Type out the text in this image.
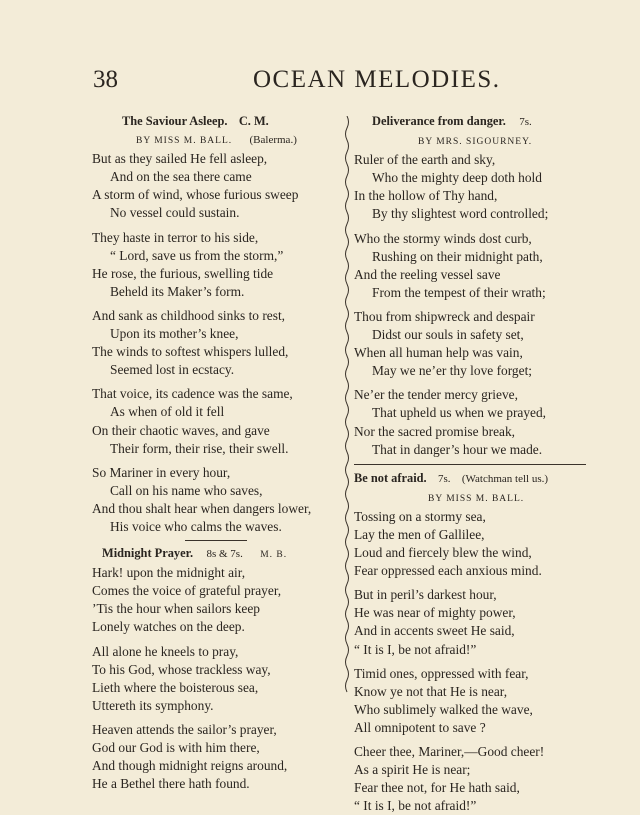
38	OCEAN MELODIES.
The Saviour Asleep. C. M.
BY MISS M. BALL. (Balerma.)
But as they sailed He fell asleep,
And on the sea there came
A storm of wind, whose furious sweep
No vessel could sustain.
They haste in terror to his side,
“ Lord, save us from the storm,”
He rose, the furious, swelling tide
Beheld its Maker’s form.
And sank as childhood sinks to rest,
Upon its mother’s knee,
The winds to softest whispers lulled,
Seemed lost in ecstacy.
That voice, its cadence was the same,
As when of old it fell
On their chaotic waves, and gave
Their form, their rise, their swell.
So Mariner in every hour,
Call on his name who saves,
And thou shalt hear when dangers lower,
His voice who calms the waves.
Midnight Prayer. 8s & 7s. M. B.
Hark! upon the midnight air,
Comes the voice of grateful prayer,
’Tis the hour when sailors keep
Lonely watches on the deep.
All alone he kneels to pray,
To his God, whose trackless way,
Lieth where the boisterous sea,
Uttereth its symphony.
Heaven attends the sailor’s prayer,
God our God is with him there,
And though midnight reigns around,
He a Bethel there hath found.
Deliverance from danger. 7s.
BY MRS. SIGOURNEY.
Ruler of the earth and sky,
Who the mighty deep doth hold
In the hollow of Thy hand,
By thy slightest word controlled;
Who the stormy winds dost curb,
Rushing on their midnight path,
And the reeling vessel save
From the tempest of their wrath;
Thou from shipwreck and despair
Didst our souls in safety set,
When all human help was vain,
May we ne’er thy love forget;
Ne’er the tender mercy grieve,
That upheld us when we prayed,
Nor the sacred promise break,
That in danger’s hour we made.
Be not afraid. 7s. (Watchman tell us.)
BY MISS M. BALL.
Tossing on a stormy sea,
Lay the men of Gallilee,
Loud and fiercely blew the wind,
Fear oppressed each anxious mind.
But in peril’s darkest hour,
He was near of mighty power,
And in accents sweet He said,
“ It is I, be not afraid!”
Timid ones, oppressed with fear,
Know ye not that He is near,
Who sublimely walked the wave,
All omnipotent to save ?
Cheer thee, Mariner,—Good cheer!
As a spirit He is near;
Fear thee not, for He hath said,
“ It is I, be not afraid!”
